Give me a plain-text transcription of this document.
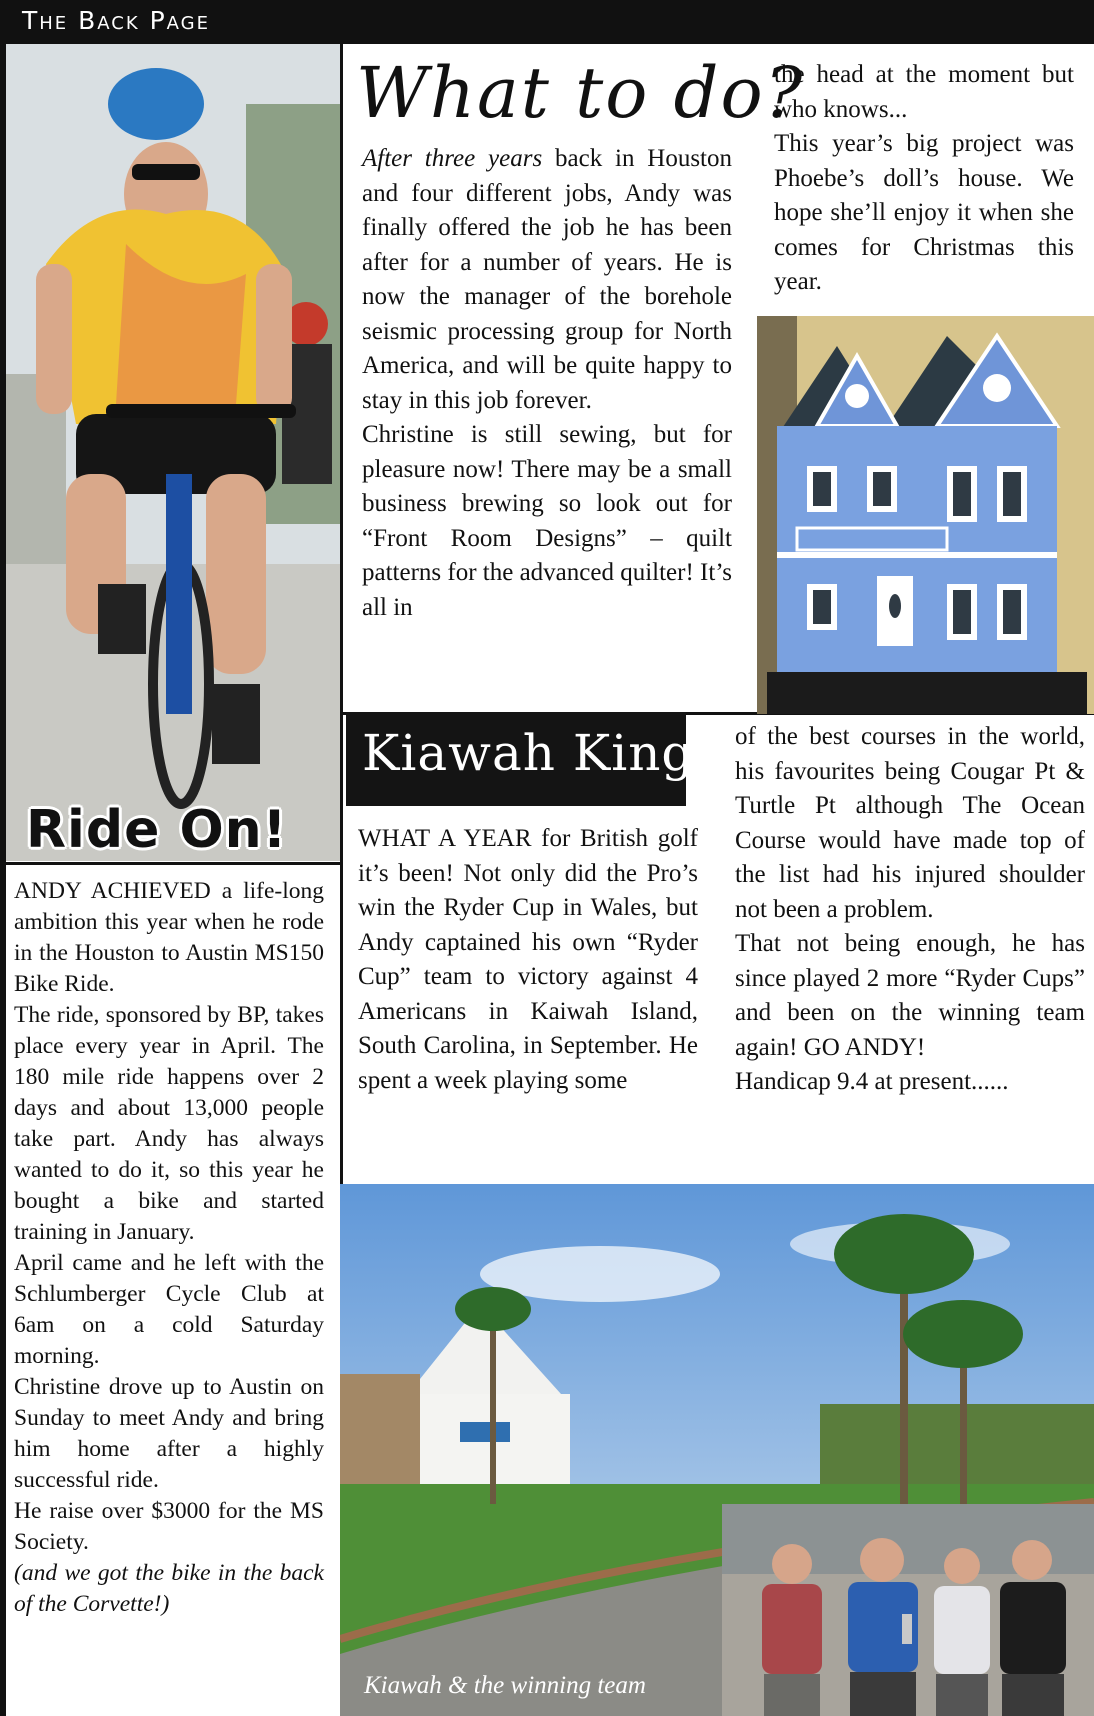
The Back Page
Ride On!

ANDY ACHIEVED a life-long ambition this year when he rode in the Houston to Austin MS150 Bike Ride.

The ride, sponsored by BP, takes place every year in April. The 180 mile ride happens over 2 days and about 13,000 people take part. Andy has always wanted to do it, so this year he bought a bike and started training in January.

April came and he left with the Schlumberger Cycle Club at 6am on a cold Saturday morning.

Christine drove up to Austin on Sunday to meet Andy and bring him home after a highly successful ride.

He raise over $3000 for the MS Society.

(and we got the bike in the back of the Corvette!)

What to do?

After three years back in Houston and four different jobs, Andy was finally offered the job he has been after for a number of years. He is now the manager of the borehole seismic processing group for North America, and will be quite happy to stay in this job forever.

Christine is still sewing, but for pleasure now! There may be a small business brewing so look out for “Front Room Designs” – quilt patterns for the advanced quilter! It’s all in

the head at the moment but who knows...

This year’s big project was Phoebe’s doll’s house. We hope she’ll enjoy it when she comes for Christmas this year.

Kiawah Kings!

WHAT A YEAR for British golf it’s been! Not only did the Pro’s win the Ryder Cup in Wales, but Andy captained his own “Ryder Cup” team to victory against 4 Americans in Kaiwah Island, South Carolina, in September. He spent a week playing some

of the best courses in the world, his favourites being Cougar Pt & Turtle Pt although The Ocean Course would have made top of the list had his injured shoulder not been a problem.

That not being enough, he has since played 2 more “Ryder Cups” and been on the winning team again! GO ANDY!

Handicap 9.4 at present......

Kiawah & the winning team
